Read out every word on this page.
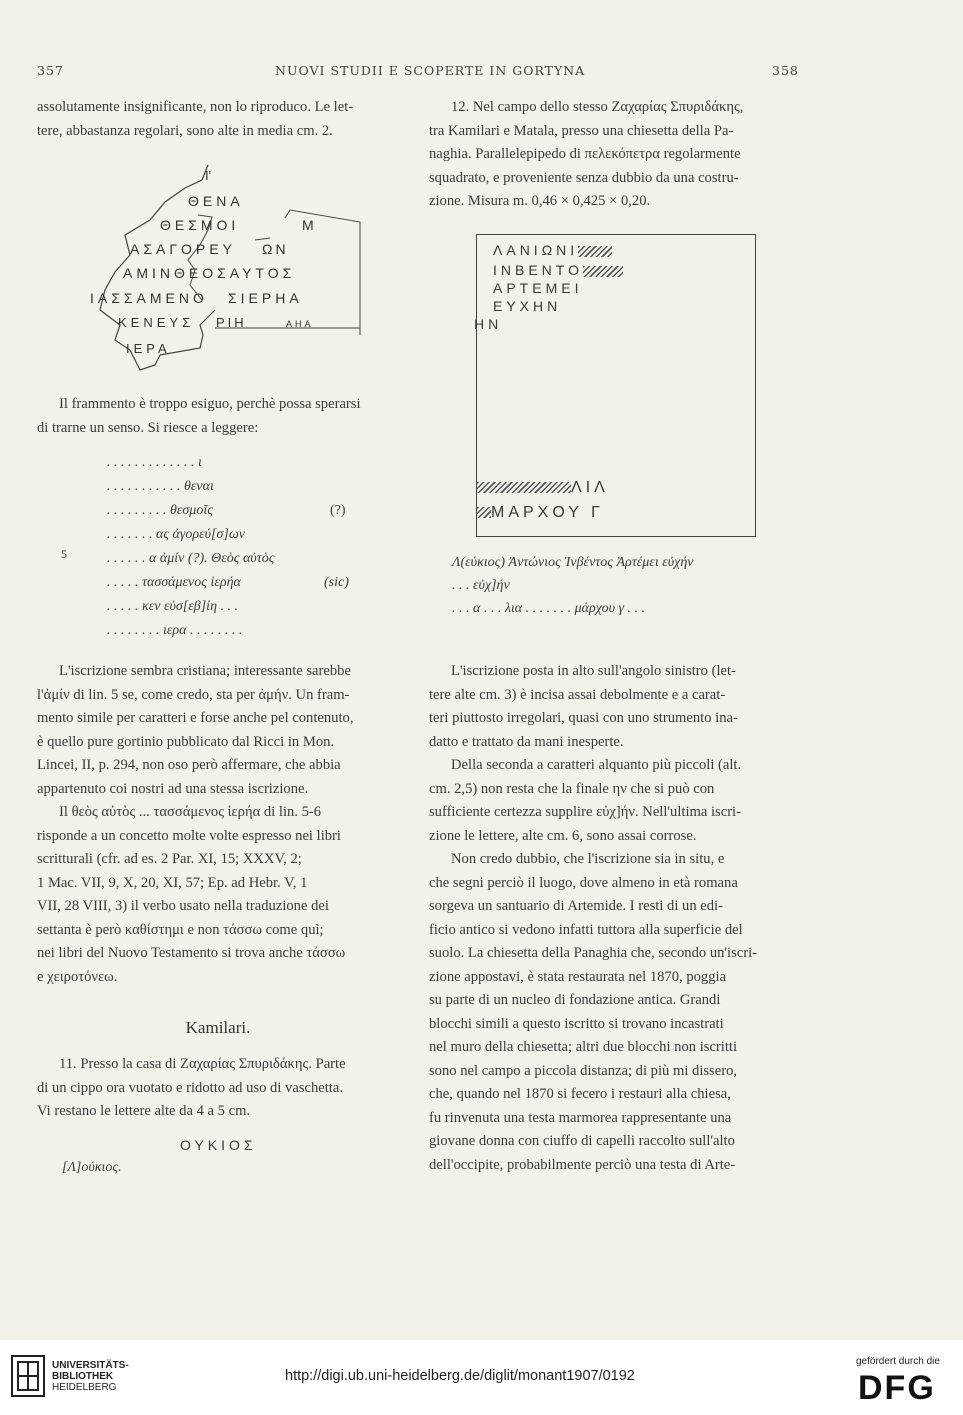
357	NUOVI STUDII E SCOPERTE IN GORTYNA	358

assolutamente insignificante, non lo riproduco. Le let-

tere, abbastanza regolari, sono alte in media cm. 2.

Ι'
ΘΕΝΑ
ΘΕΣΜΟΙ	Μ
ΑΣΑΓΟΡΕΥ ΩΝ
ΑΜΙΝΘΕΟΣΑΥΤΟΣ
ΙΑΣΣΑΜΕΝΟ ΣΙΕΡΗΑ
ΚΕΝΕΥΣ ΡΙΗ	ΑΗΑ
ΙΕΡΑ

Il frammento è troppo esiguo, perchè possa sperarsi

di trarne un senso. Si riesce a leggere:

. . . . . . . . . . . . . ι
. . . . . . . . . . . θεναι
. . . . . . . . . θεσμοῖς	(?)
. . . . . . . ας ἀγορεύ[σ]ων
5	. . . . . . α ἀμίν (?). Θεὸς αὐτὸς
. . . . . τασσάμενος ἱερήα	(sic)
. . . . . κεν εὐσ[εβ]ίη . . .
. . . . . . . . ιερα . . . . . . . .

L'iscrizione sembra cristiana; interessante sarebbe

l'ἀμίν di lin. 5 se, come credo, sta per ἀμήν. Un fram-

mento simile per caratteri e forse anche pel contenuto,

è quello pure gortinio pubblicato dal Ricci in Mon.

Lincei, II, p. 294, non oso però affermare, che abbia

appartenuto coi nostri ad una stessa iscrizione.

Il θεὸς αὐτὸς ... τασσάμενος ἱερήα di lin. 5-6

risponde a un concetto molte volte espresso nei libri

scritturali (cfr. ad es. 2 Par. XI, 15; XXXV, 2;

1 Mac. VII, 9, X, 20, XI, 57; Ep. ad Hebr. V, 1

VII, 28 VIII, 3) il verbo usato nella traduzione dei

settanta è però καθίστημι e non τάσσω come quì;

nei libri del Nuovo Testamento si trova anche τάσσω

e χειροτόνεω.

Kamilari.

11. Presso la casa di Ζαχαρίας Σπυριδάκης. Parte

di un cippo ora vuotato e ridotto ad uso di vaschetta.

Vi restano le lettere alte da 4 a 5 cm.

ΟΥΚΙΟΣ
[Λ]ούκιος.

12. Nel campo dello stesso Ζαχαρίας Σπυριδάκης,

tra Kamilari e Matala, presso una chiesetta della Pa-

naghia. Parallelepipedo di πελεκόπετρα regolarmente

squadrato, e proveniente senza dubbio da una costru-

zione. Misura m. 0,46 × 0,425 × 0,20.

ΛΑΝΙΩΝΙ
ΙΝΒΕΝΤΟ
ΑΡΤΕΜΕΙ
ΕΥΧΗΝ
ΗΝ
ΛΙΛ
ΜΑΡΧΟΥ Γ
Λ(εύκιος) Ἀντώνιος Ἰνβέντος Ἀρτέμει εὐχήν
. . . εὐχ]ήν
. . . α . . . λια . . . . . . . μάρχου γ . . .

L'iscrizione posta in alto sull'angolo sinistro (let-

tere alte cm. 3) è incisa assai debolmente e a carat-

teri piuttosto irregolari, quasi con uno strumento ina-

datto e trattato da mani inesperte.

Della seconda a caratteri alquanto più piccoli (alt.

cm. 2,5) non resta che la finale ην che si può con

sufficiente certezza supplire εὐχ]ήν. Nell'ultima iscri-

zione le lettere, alte cm. 6, sono assai corrose.

Non credo dubbio, che l'iscrizione sia in situ, e

che segni perciò il luogo, dove almeno in età romana

sorgeva un santuario di Artemide. I resti di un edi-

ficio antico si vedono infatti tuttora alla superficie del

suolo. La chiesetta della Panaghia che, secondo un'iscri-

zione appostavi, è stata restaurata nel 1870, poggia

su parte di un nucleo di fondazione antica. Grandi

blocchi simili a questo iscritto si trovano incastrati

nel muro della chiesetta; altri due blocchi non iscritti

sono nel campo a piccola distanza; di più mi dissero,

che, quando nel 1870 si fecero i restauri alla chiesa,

fu rinvenuta una testa marmorea rappresentante una

giovane donna con ciuffo di capelli raccolto sull'alto

dell'occipite, probabilmente perciò una testa di Arte-

UNIVERSITÄTS-
BIBLIOTHEK
HEIDELBERG
http://digi.ub.uni-heidelberg.de/diglit/monant1907/0192
gefördert durch die
DFG
